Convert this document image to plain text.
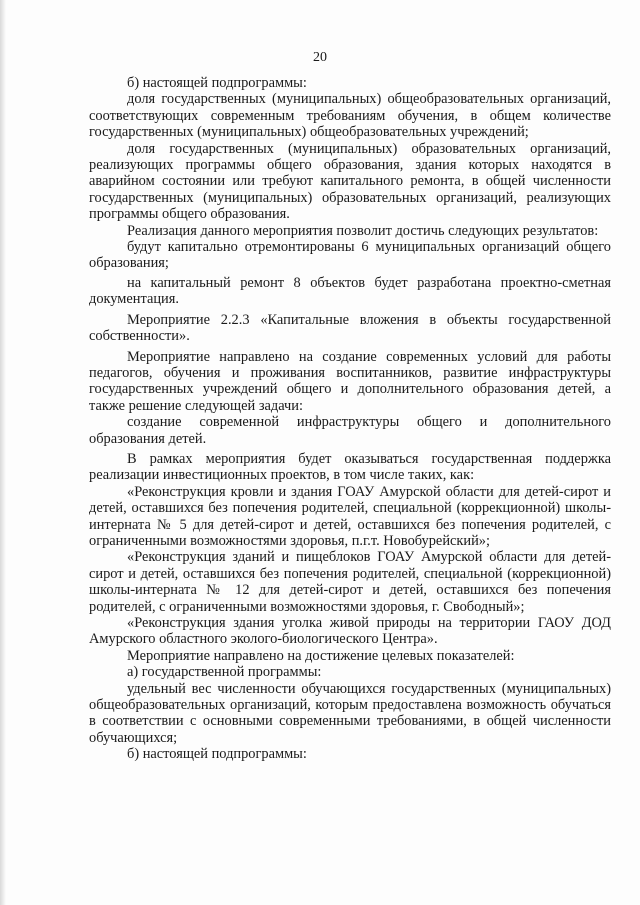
20

б) настоящей подпрограммы:

доля государственных (муниципальных) общеобразовательных организаций, соответствующих современным требованиям обучения, в общем количестве государственных (муниципальных) общеобразовательных учреждений;

доля государственных (муниципальных) образовательных организаций, реализующих программы общего образования, здания которых находятся в аварийном состоянии или требуют капитального ремонта, в общей численности государственных (муниципальных) образовательных организаций, реализующих программы общего образования.

Реализация данного мероприятия позволит достичь следующих результатов:

будут капитально отремонтированы 6 муниципальных организаций общего образования;

на капитальный ремонт 8 объектов будет разработана проектно-сметная документация.

Мероприятие 2.2.3 «Капитальные вложения в объекты государственной собственности».

Мероприятие направлено на создание современных условий для работы педагогов, обучения и проживания воспитанников, развитие инфраструктуры государственных учреждений общего и дополнительного образования детей, а также решение следующей задачи:

создание современной инфраструктуры общего и дополнительного образования детей.

В рамках мероприятия будет оказываться государственная поддержка реализации инвестиционных проектов, в том числе таких, как:

«Реконструкция кровли и здания ГОАУ Амурской области для детей-сирот и детей, оставшихся без попечения родителей, специальной (коррекционной) школы-интерната № 5 для детей-сирот и детей, оставшихся без попечения родителей, с ограниченными возможностями здоровья, п.г.т. Новобурейский»;

«Реконструкция зданий и пищеблоков ГОАУ Амурской области для детей-сирот и детей, оставшихся без попечения родителей, специальной (коррекционной) школы-интерната № 12 для детей-сирот и детей, оставшихся без попечения родителей, с ограниченными возможностями здоровья, г. Свободный»;

«Реконструкция здания уголка живой природы на территории ГАОУ ДОД Амурского областного эколого-биологического Центра».

Мероприятие направлено на достижение целевых показателей:

а) государственной программы:

удельный вес численности обучающихся государственных (муниципальных) общеобразовательных организаций, которым предоставлена возможность обучаться в соответствии с основными современными требованиями, в общей численности обучающихся;

б) настоящей подпрограммы:
